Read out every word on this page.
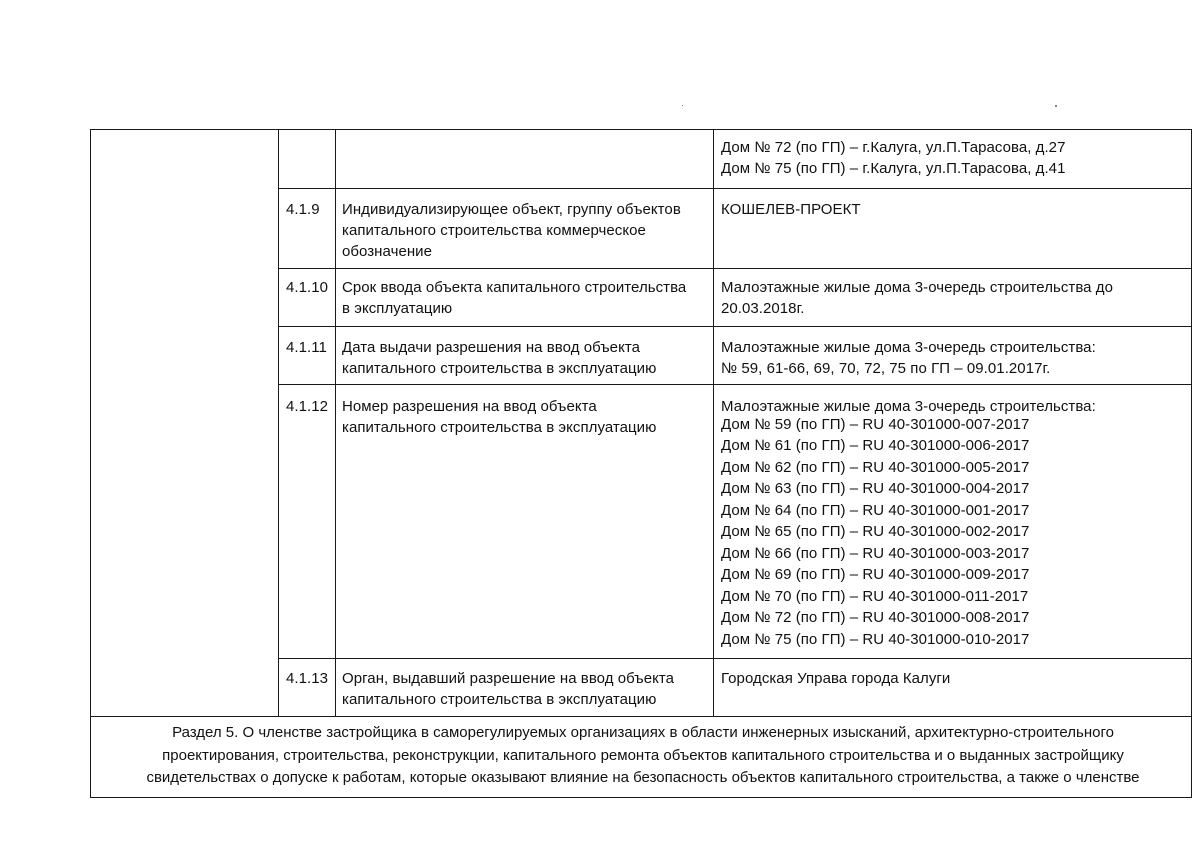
Дом № 72 (по ГП) – г.Калуга, ул.П.Тарасова, д.27
Дом № 75 (по ГП) – г.Калуга, ул.П.Тарасова, д.41
4.1.9 Индивидуализирующее объект, группу объектов
капитального строительства коммерческое
обозначение
КОШЕЛЕВ-ПРОЕКТ
4.1.10 Срок ввода объекта капитального строительства
в эксплуатацию
Малоэтажные жилые дома 3-очередь строительства до
20.03.2018г.
4.1.11 Дата выдачи разрешения на ввод объекта
капитального строительства в эксплуатацию
Малоэтажные жилые дома 3-очередь строительства:
№ 59, 61-66, 69, 70, 72, 75 по ГП – 09.01.2017г.
4.1.12 Номер разрешения на ввод объекта
капитального строительства в эксплуатацию
Малоэтажные жилые дома 3-очередь строительства:
Дом № 59 (по ГП) – RU 40-301000-007-2017
Дом № 61 (по ГП) – RU 40-301000-006-2017
Дом № 62 (по ГП) – RU 40-301000-005-2017
Дом № 63 (по ГП) – RU 40-301000-004-2017
Дом № 64 (по ГП) – RU 40-301000-001-2017
Дом № 65 (по ГП) – RU 40-301000-002-2017
Дом № 66 (по ГП) – RU 40-301000-003-2017
Дом № 69 (по ГП) – RU 40-301000-009-2017
Дом № 70 (по ГП) – RU 40-301000-011-2017
Дом № 72 (по ГП) – RU 40-301000-008-2017
Дом № 75 (по ГП) – RU 40-301000-010-2017
4.1.13 Орган, выдавший разрешение на ввод объекта
капитального строительства в эксплуатацию
Городская Управа города Калуги
Раздел 5. О членстве застройщика в саморегулируемых организациях в области инженерных изысканий, архитектурно-строительного
проектирования, строительства, реконструкции, капитального ремонта объектов капитального строительства и о выданных застройщику
свидетельствах о допуске к работам, которые оказывают влияние на безопасность объектов капитального строительства, а также о членстве
